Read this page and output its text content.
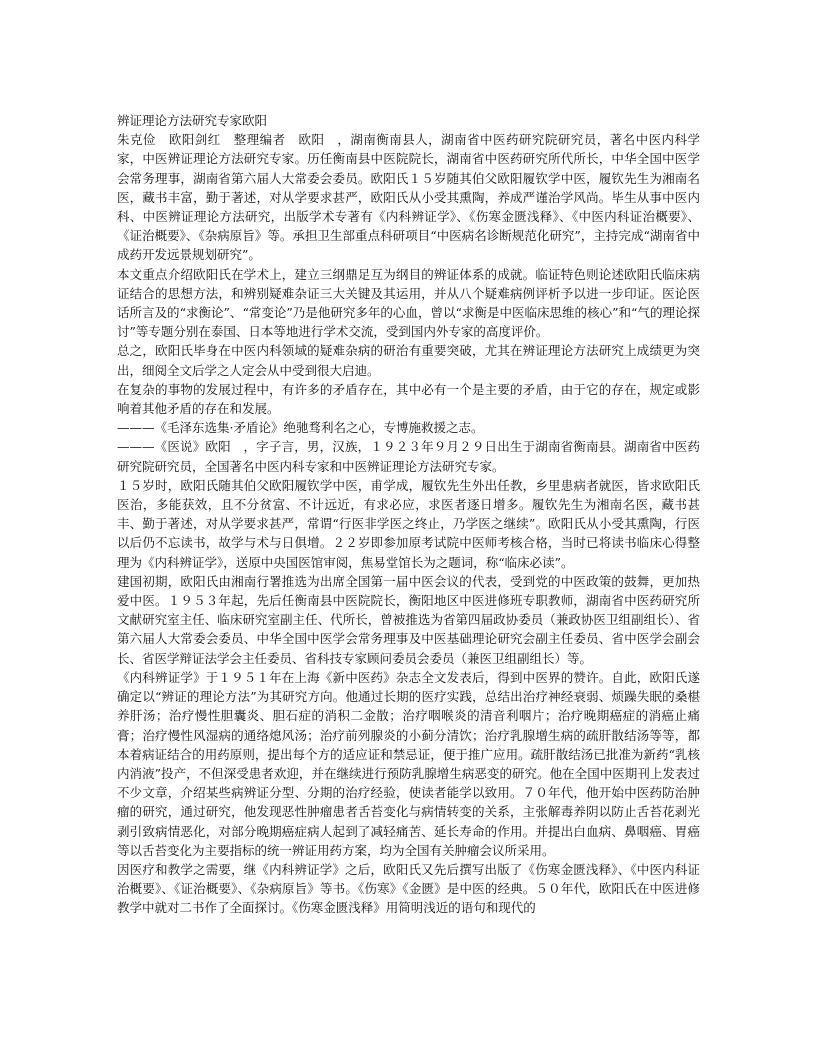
辨证理论方法研究专家欧阳
朱克俭　欧阳剑红　整理编者　欧阳　，湖南衡南县人，湖南省中医药研究院研究员，著名中医内科学家，中医辨证理论方法研究专家。历任衡南县中医院院长，湖南省中医药研究所代所长，中华全国中医学会常务理事，湖南省第六届人大常委会委员。欧阳氏１５岁随其伯父欧阳履钦学中医，履钦先生为湘南名医，藏书丰富，勤于著述，对从学要求甚严，欧阳氏从小受其熏陶，养成严谨治学风尚。毕生从事中医内科、中医辨证理论方法研究，出版学术专著有《内科辨证学》、《伤寒金匮浅释》、《中医内科证治概要》、《证治概要》、《杂病原旨》等。承担卫生部重点科研项目“中医病名诊断规范化研究”，主持完成“湖南省中成药开发远景规划研究”。
本文重点介绍欧阳氏在学术上，建立三纲鼎足互为纲目的辨证体系的成就。临证特色则论述欧阳氏临床病证结合的思想方法，和辨别疑难杂证三大关键及其运用，并从八个疑难病例评析予以进一步印证。医论医话所言及的“求衡论”、“常变论”乃是他研究多年的心血，曾以“求衡是中医临床思维的核心”和“气的理论探讨”等专题分别在泰国、日本等地进行学术交流，受到国内外专家的高度评价。
总之，欧阳氏毕身在中医内科领域的疑难杂病的研治有重要突破，尤其在辨证理论方法研究上成绩更为突出，细阅全文后学之人定会从中受到很大启迪。
在复杂的事物的发展过程中，有许多的矛盾存在，其中必有一个是主要的矛盾，由于它的存在，规定或影响着其他矛盾的存在和发展。
———《毛泽东选集·矛盾论》绝驰骛利名之心，专博施救援之志。
———《医说》欧阳　，字子言，男，汉族，１９２３年９月２９日出生于湖南省衡南县。湖南省中医药研究院研究员，全国著名中医内科专家和中医辨证理论方法研究专家。
１５岁时，欧阳氏随其伯父欧阳履钦学中医，甫学成，履钦先生外出任教，乡里患病者就医，皆求欧阳氏医治，多能获效，且不分贫富、不计远近，有求必应，求医者逐日增多。履钦先生为湘南名医，藏书甚丰、勤于著述，对从学要求甚严，常谓“行医非学医之终止，乃学医之继续”。欧阳氏从小受其熏陶，行医以后仍不忘读书，故学与术与日俱增。２２岁即参加原考试院中医师考核合格，当时已将读书临床心得整理为《内科辨证学》，送原中央国医馆审阅，焦易堂馆长为之题词，称“临床必读”。
建国初期，欧阳氏由湘南行署推选为出席全国第一届中医会议的代表，受到党的中医政策的鼓舞，更加热爱中医。１９５３年起，先后任衡南县中医院院长，衡阳地区中医进修班专职教师，湖南省中医药研究所文献研究室主任、临床研究室副主任、代所长，曾被推选为省第四届政协委员（兼政协医卫组副组长）、省第六届人大常委会委员、中华全国中医学会常务理事及中医基础理论研究会副主任委员、省中医学会副会长、省医学辩证法学会主任委员、省科技专家顾问委员会委员（兼医卫组副组长）等。
《内科辨证学》于１９５１年在上海《新中医药》杂志全文发表后，得到中医界的赞许。自此，欧阳氏遂确定以“辨证的理论方法”为其研究方向。他通过长期的医疗实践，总结出治疗神经衰弱、烦躁失眠的桑椹养肝汤；治疗慢性胆囊炎、胆石症的消积二金散；治疗咽喉炎的清音利咽片；治疗晚期癌症的消癌止痛膏；治疗慢性风湿病的通络熄风汤；治疗前列腺炎的小蓟分清饮；治疗乳腺增生病的疏肝散结汤等等，都本着病证结合的用药原则，提出每个方的适应证和禁忌证，便于推广应用。疏肝散结汤已批准为新药“乳核内消液”投产，不但深受患者欢迎，并在继续进行预防乳腺增生病恶变的研究。他在全国中医期刊上发表过不少文章，介绍某些病辨证分型、分期的治疗经验，使读者能学以致用。７０年代，他开始中医药防治肿瘤的研究，通过研究，他发现恶性肿瘤患者舌苔变化与病情转变的关系，主张解毒养阴以防止舌苔花剥光剥引致病情恶化，对部分晚期癌症病人起到了减轻痛苦、延长寿命的作用。并提出白血病、鼻咽癌、胃癌等以舌苔变化为主要指标的统一辨证用药方案，均为全国有关肿瘤会议所采用。
因医疗和教学之需要，继《内科辨证学》之后，欧阳氏又先后撰写出版了《伤寒金匮浅释》、《中医内科证治概要》、《证治概要》、《杂病原旨》等书。《伤寒》《金匮》是中医的经典。５０年代，欧阳氏在中医进修教学中就对二书作了全面探讨。《伤寒金匮浅释》用简明浅近的语句和现代的
